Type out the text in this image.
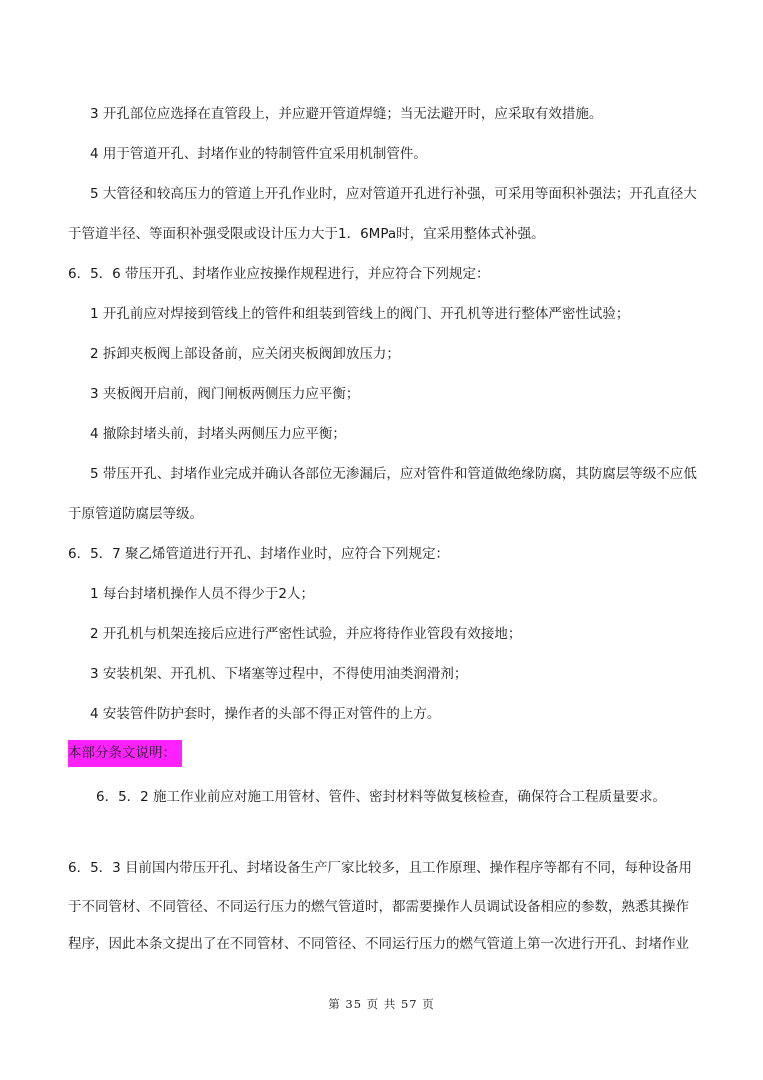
3 开孔部位应选择在直管段上，并应避开管道焊缝；当无法避开时，应采取有效措施。
4 用于管道开孔、封堵作业的特制管件宜采用机制管件。
5 大管径和较高压力的管道上开孔作业时，应对管道开孔进行补强，可采用等面积补强法；开孔直径大
于管道半径、等面积补强受限或设计压力大于1．6MPa时，宜采用整体式补强。
6．5．6 带压开孔、封堵作业应按操作规程进行，并应符合下列规定：
1 开孔前应对焊接到管线上的管件和组装到管线上的阀门、开孔机等进行整体严密性试验；
2 拆卸夹板阀上部设备前，应关闭夹板阀卸放压力；
3 夹板阀开启前，阀门闸板两侧压力应平衡；
4 撤除封堵头前，封堵头两侧压力应平衡；
5 带压开孔、封堵作业完成并确认各部位无渗漏后，应对管件和管道做绝缘防腐，其防腐层等级不应低
于原管道防腐层等级。
6．5．7 聚乙烯管道进行开孔、封堵作业时，应符合下列规定：
1 每台封堵机操作人员不得少于2人；
2 开孔机与机架连接后应进行严密性试验，并应将待作业管段有效接地；
3 安装机架、开孔机、下堵塞等过程中，不得使用油类润滑剂；
4 安装管件防护套时，操作者的头部不得正对管件的上方。
本部分条文说明：
6．5．2 施工作业前应对施工用管材、管件、密封材料等做复核检查，确保符合工程质量要求。
6．5．3 目前国内带压开孔、封堵设备生产厂家比较多，且工作原理、操作程序等都有不同，每种设备用
于不同管材、不同管径、不同运行压力的燃气管道时，都需要操作人员调试设备相应的参数，熟悉其操作
程序，因此本条文提出了在不同管材、不同管径、不同运行压力的燃气管道上第一次进行开孔、封堵作业
第 35 页 共 57 页
